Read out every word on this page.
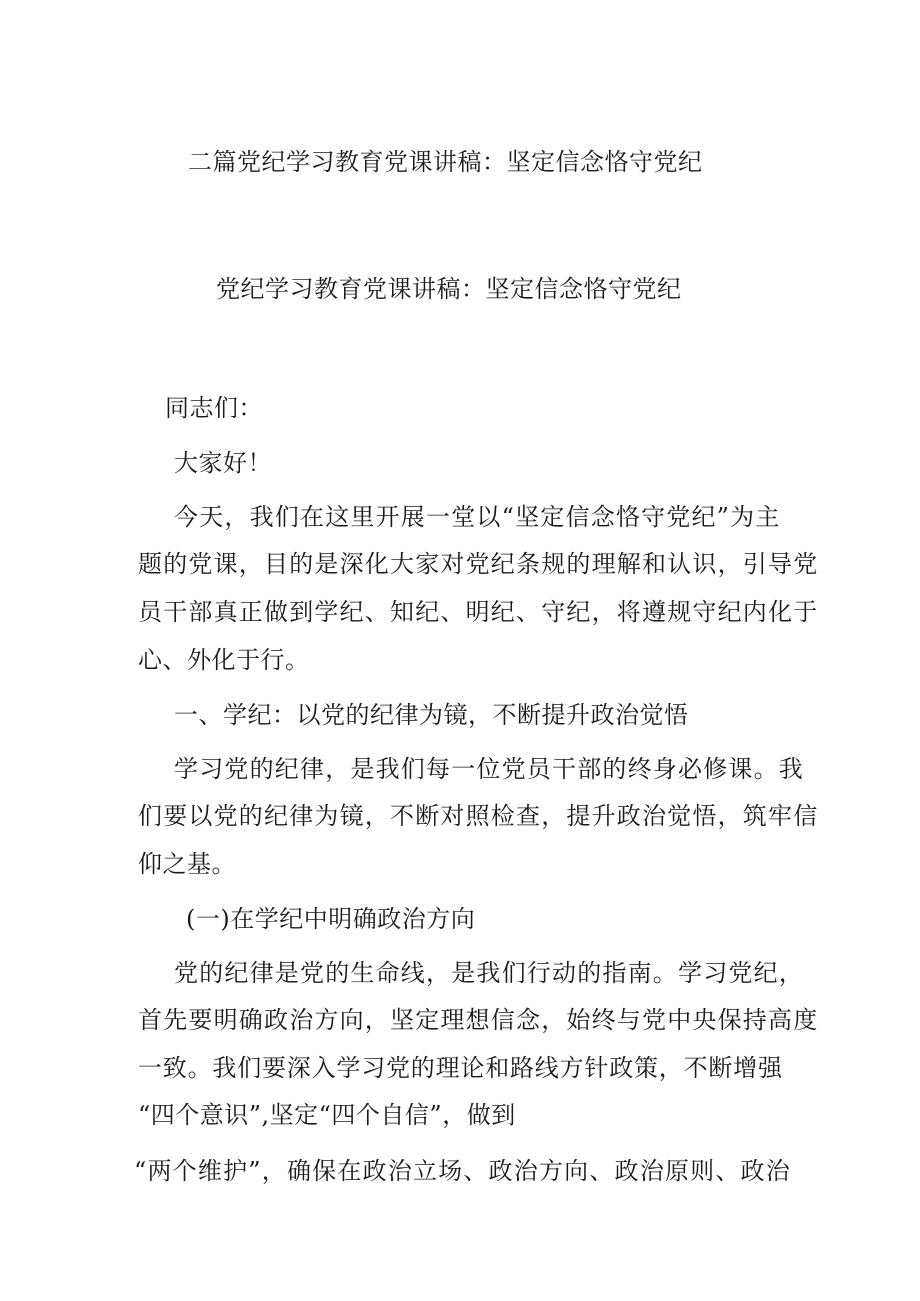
二篇党纪学习教育党课讲稿：坚定信念恪守党纪
党纪学习教育党课讲稿：坚定信念恪守党纪
同志们：
大家好！
今天，我们在这里开展一堂以“坚定信念恪守党纪”为主
题的党课，目的是深化大家对党纪条规的理解和认识，引导党
员干部真正做到学纪、知纪、明纪、守纪，将遵规守纪内化于
心、外化于行。
一、学纪：以党的纪律为镜，不断提升政治觉悟
学习党的纪律，是我们每一位党员干部的终身必修课。我
们要以党的纪律为镜，不断对照检查，提升政治觉悟，筑牢信
仰之基。
(一)在学纪中明确政治方向
党的纪律是党的生命线，是我们行动的指南。学习党纪，
首先要明确政治方向，坚定理想信念，始终与党中央保持高度
一致。我们要深入学习党的理论和路线方针政策，不断增强
“四个意识”,坚定“四个自信”，做到
“两个维护”，确保在政治立场、政治方向、政治原则、政治
